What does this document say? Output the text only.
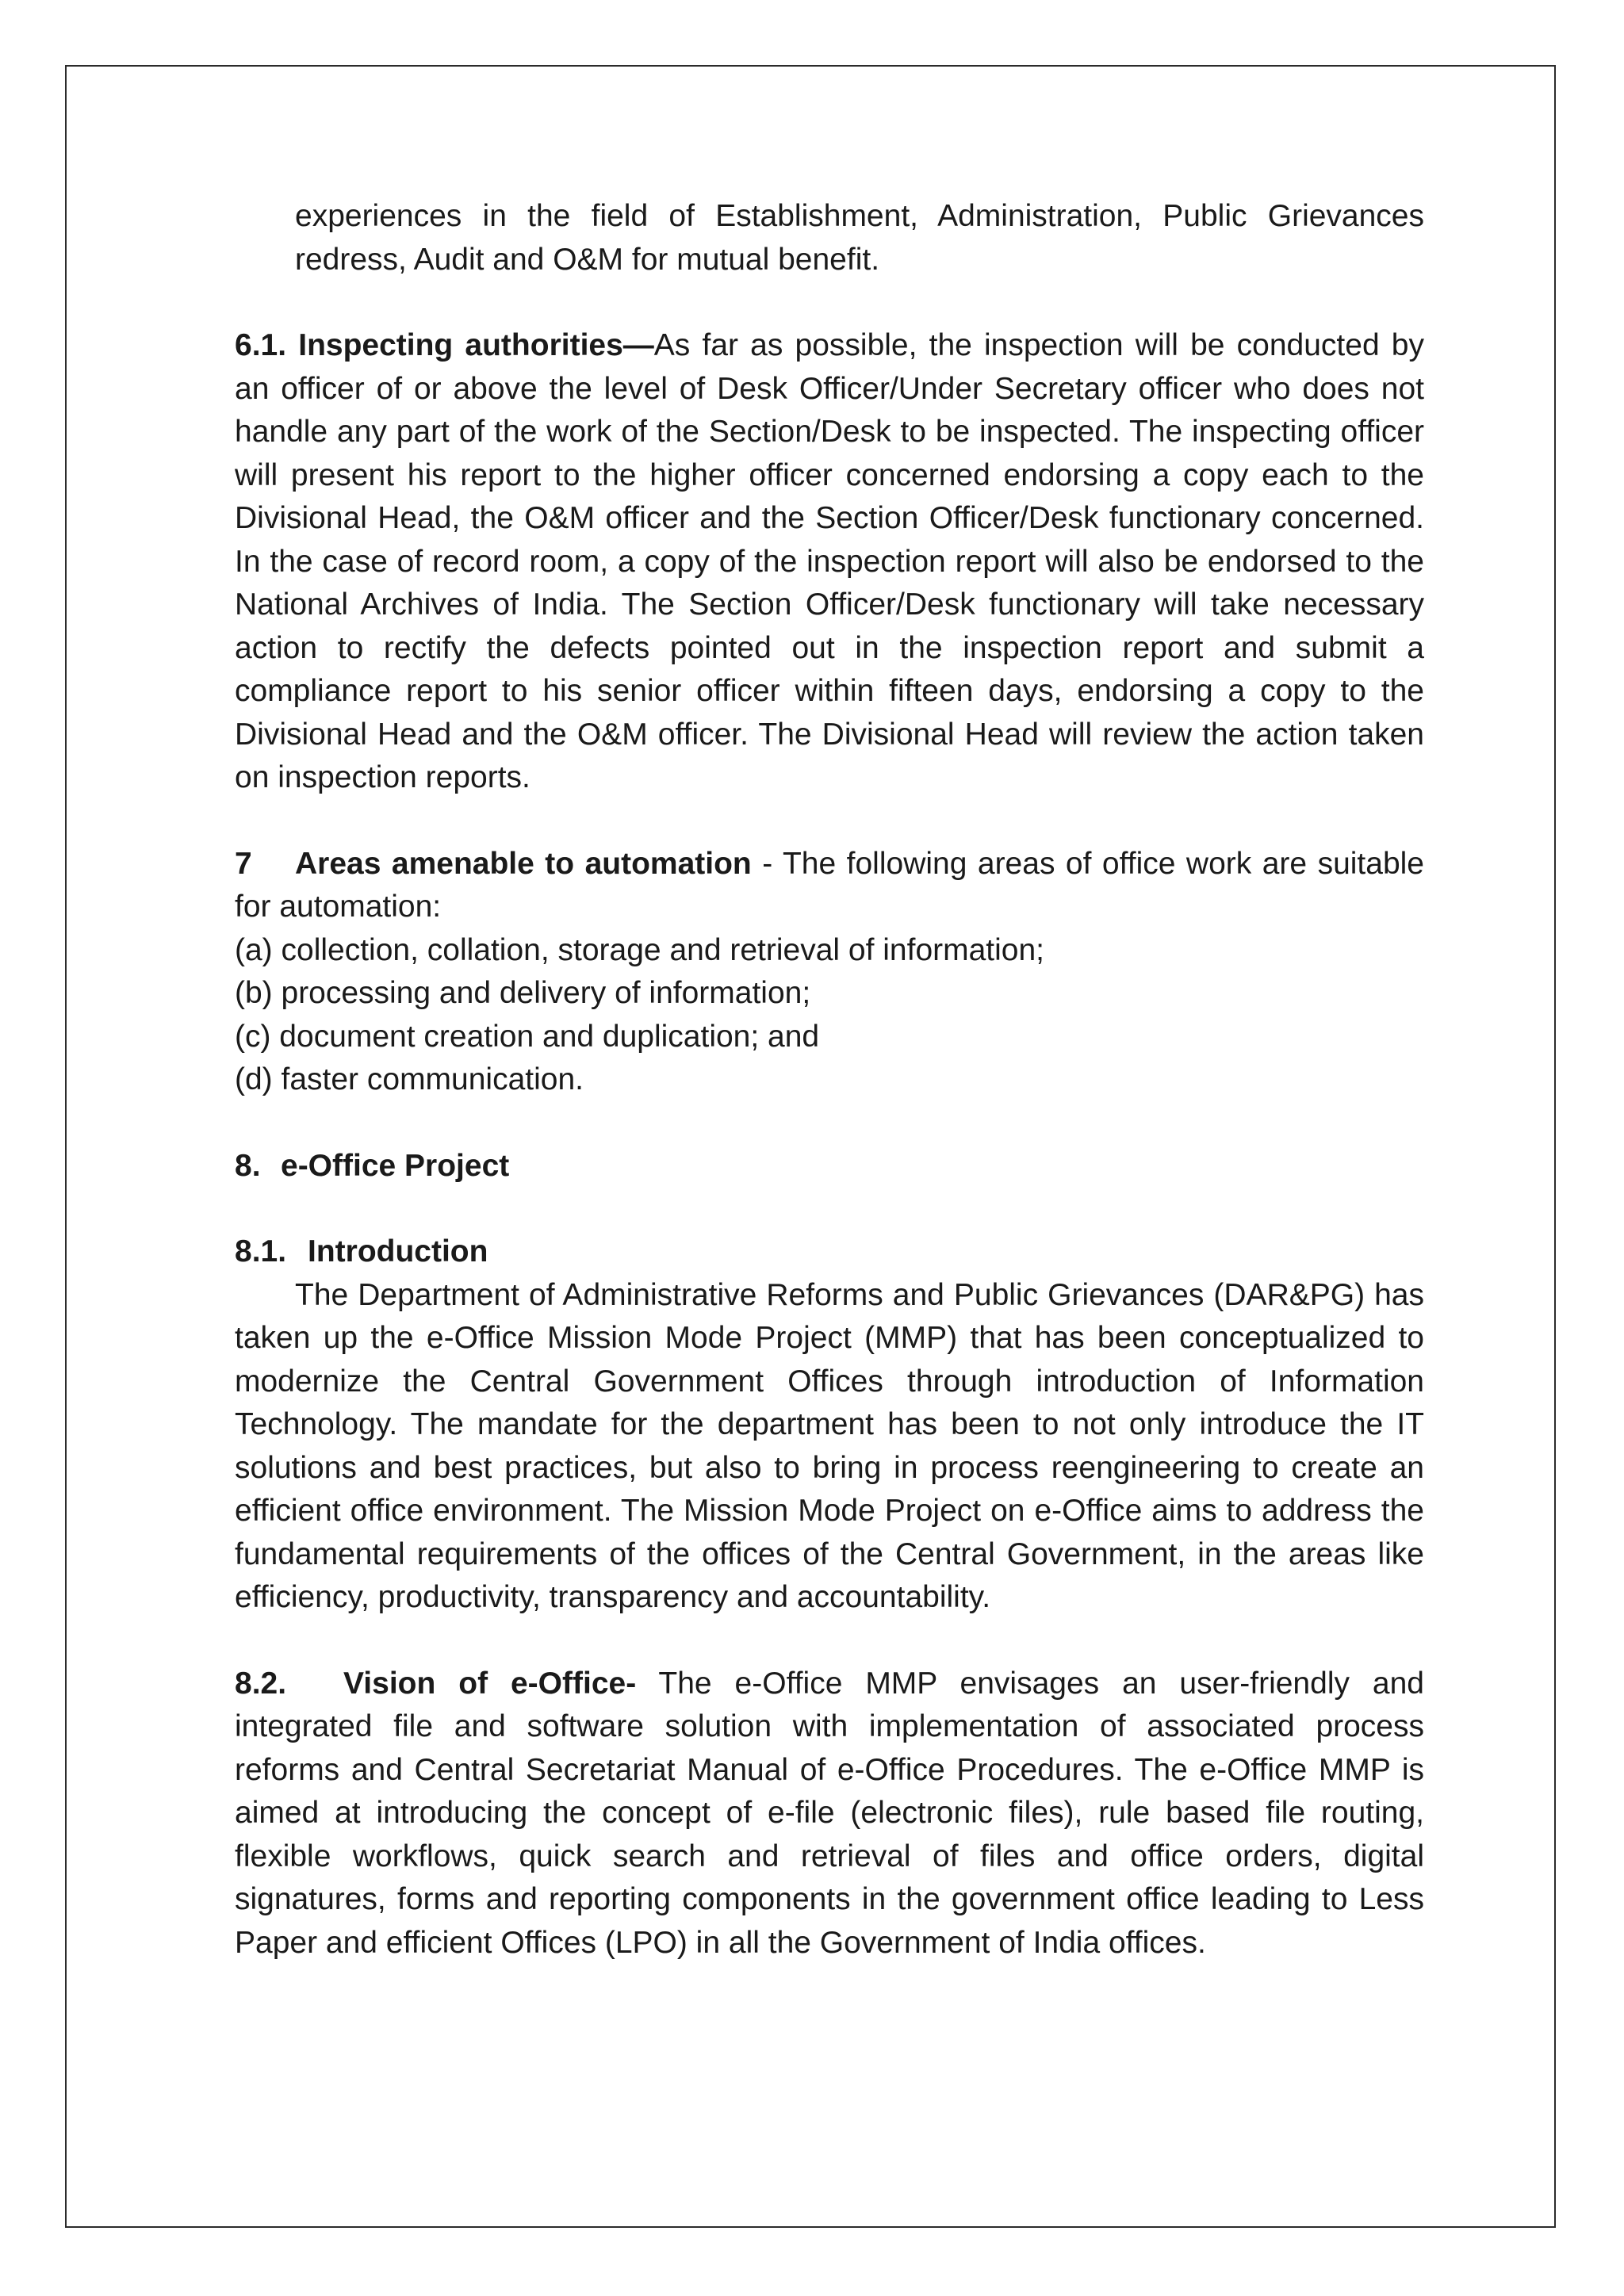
experiences in the field of Establishment, Administration, Public Grievances redress, Audit and O&M for mutual benefit.

6.1. Inspecting authorities—As far as possible, the inspection will be conducted by an officer of or above the level of Desk Officer/Under Secretary officer who does not handle any part of the work of the Section/Desk to be inspected. The inspecting officer will present his report to the higher officer concerned endorsing a copy each to the Divisional Head, the O&M officer and the Section Officer/Desk functionary concerned. In the case of record room, a copy of the inspection report will also be endorsed to the National Archives of India. The Section Officer/Desk functionary will take necessary action to rectify the defects pointed out in the inspection report and submit a compliance report to his senior officer within fifteen days, endorsing a copy to the Divisional Head and the O&M officer. The Divisional Head will review the action taken on inspection reports.

7 Areas amenable to automation - The following areas of office work are suitable for automation:

(a) collection, collation, storage and retrieval of information;

(b) processing and delivery of information;

(c) document creation and duplication; and

(d) faster communication.

8. e-Office Project

8.1. Introduction

The Department of Administrative Reforms and Public Grievances (DAR&PG) has taken up the e-Office Mission Mode Project (MMP) that has been conceptualized to modernize the Central Government Offices through introduction of Information Technology. The mandate for the department has been to not only introduce the IT solutions and best practices, but also to bring in process reengineering to create an efficient office environment. The Mission Mode Project on e-Office aims to address the fundamental requirements of the offices of the Central Government, in the areas like efficiency, productivity, transparency and accountability.

8.2. Vision of e-Office- The e-Office MMP envisages an user-friendly and integrated file and software solution with implementation of associated process reforms and Central Secretariat Manual of e-Office Procedures. The e-Office MMP is aimed at introducing the concept of e-file (electronic files), rule based file routing, flexible workflows, quick search and retrieval of files and office orders, digital signatures, forms and reporting components in the government office leading to Less Paper and efficient Offices (LPO) in all the Government of India offices.
